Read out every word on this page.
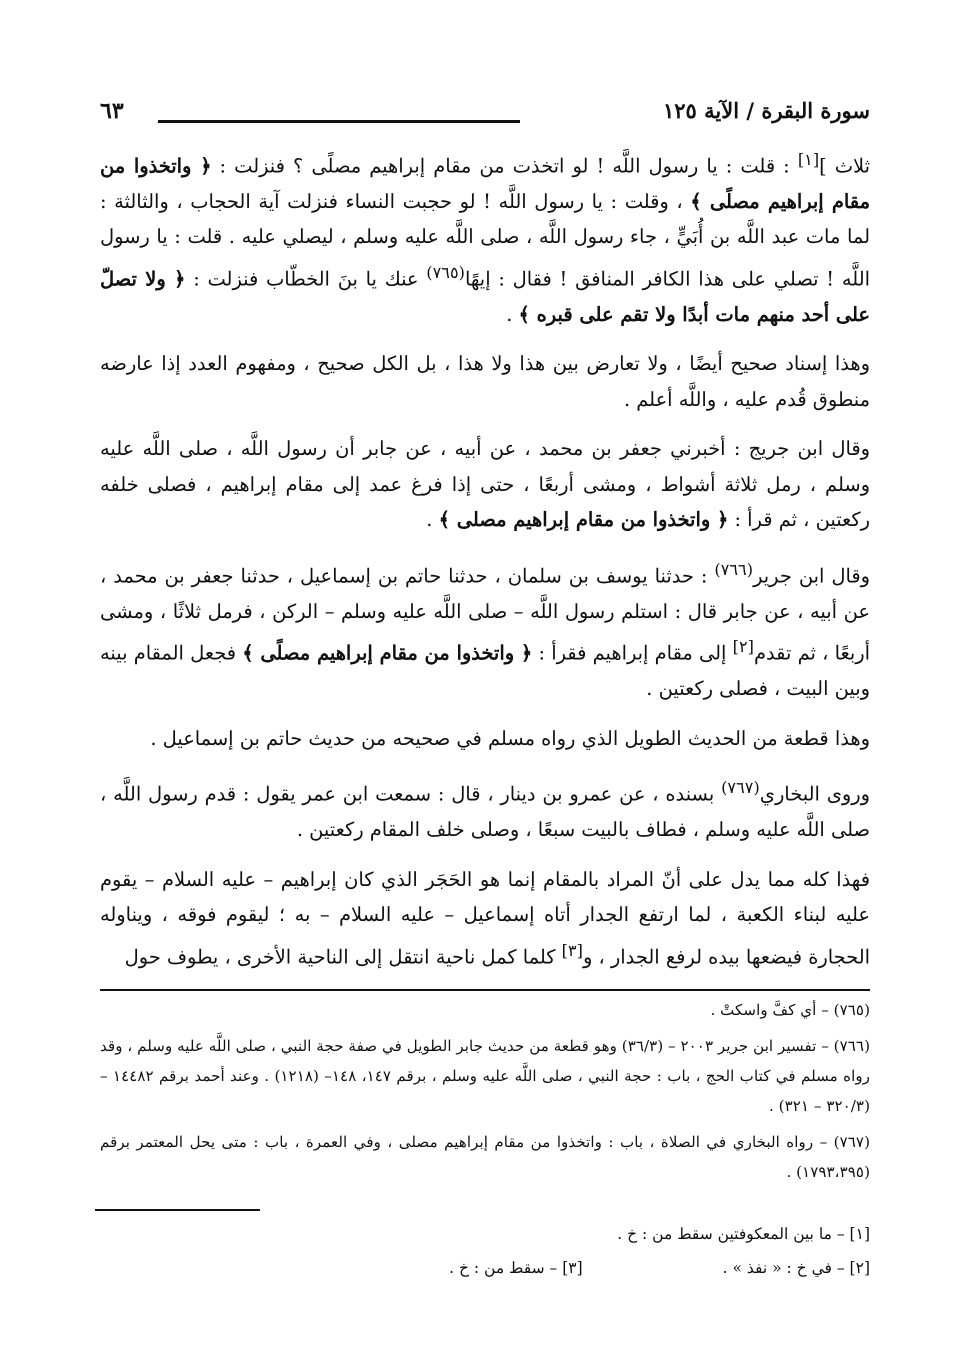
سورة البقرة / الآية ١٢٥
٦٣

ثلاث ][١] : قلت : يا رسول اللَّه ! لو اتخذت من مقام إبراهيم مصلًى ؟ فنزلت : ﴿ واتخذوا من مقام إبراهيم مصلًى ﴾ ، وقلت : يا رسول اللَّه ! لو حجبت النساء فنزلت آية الحجاب ، والثالثة : لما مات عبد اللَّه بن أُبَيٍّ ، جاء رسول اللَّه ، صلى اللَّه عليه وسلم ، ليصلي عليه . قلت : يا رسول اللَّه ! تصلي على هذا الكافر المنافق ! فقال : إيهًا$^{(٧٦٥)}$ عنك يا بنَ الخطّاب فنزلت : ﴿ ولا تصلّ على أحد منهم مات أبدًا ولا تقم على قبره ﴾ .

وهذا إسناد صحيح أيضًا ، ولا تعارض بين هذا ولا هذا ، بل الكل صحيح ، ومفهوم العدد إذا عارضه منطوق قُدم عليه ، واللَّه أعلم .

وقال ابن جريج : أخبرني جعفر بن محمد ، عن أبيه ، عن جابر أن رسول اللَّه ، صلى اللَّه عليه وسلم ، رمل ثلاثة أشواط ، ومشى أربعًا ، حتى إذا فرغ عمد إلى مقام إبراهيم ، فصلى خلفه ركعتين ، ثم قرأ : ﴿ واتخذوا من مقام إبراهيم مصلى ﴾ .

وقال ابن جرير$^{(٧٦٦)}$ : حدثنا يوسف بن سلمان ، حدثنا حاتم بن إسماعيل ، حدثنا جعفر بن محمد ، عن أبيه ، عن جابر قال : استلم رسول اللَّه – صلى اللَّه عليه وسلم – الركن ، فرمل ثلاثًا ، ومشى أربعًا ، ثم تقدم[٢] إلى مقام إبراهيم فقرأ : ﴿ واتخذوا من مقام إبراهيم مصلًى ﴾ فجعل المقام بينه وبين البيت ، فصلى ركعتين .

وهذا قطعة من الحديث الطويل الذي رواه مسلم في صحيحه من حديث حاتم بن إسماعيل .

وروى البخاري$^{(٧٦٧)}$ بسنده ، عن عمرو بن دينار ، قال : سمعت ابن عمر يقول : قدم رسول اللَّه ، صلى اللَّه عليه وسلم ، فطاف بالبيت سبعًا ، وصلى خلف المقام ركعتين .

فهذا كله مما يدل على أنّ المراد بالمقام إنما هو الحَجَر الذي كان إبراهيم – عليه السلام – يقوم عليه لبناء الكعبة ، لما ارتفع الجدار أتاه إسماعيل – عليه السلام – به ؛ ليقوم فوقه ، ويناوله الحجارة فيضعها بيده لرفع الجدار ، و[٣] كلما كمل ناحية انتقل إلى الناحية الأخرى ، يطوف حول

(٧٦٥) – أي كفَّ واسكتْ .

(٧٦٦) – تفسير ابن جرير ٢٠٠٣ – (٣٦/٣) وهو قطعة من حديث جابر الطويل في صفة حجة النبي ، صلى اللَّه عليه وسلم ، وقد رواه مسلم في كتاب الحج ، باب : حجة النبي ، صلى اللَّه عليه وسلم ، برقم ١٤٧، ١٤٨– (١٢١٨) . وعند أحمد برقم ١٤٤٨٢ – (٣٢٠/٣ – ٣٢١) .

(٧٦٧) – رواه البخاري في الصلاة ، باب : واتخذوا من مقام إبراهيم مصلى ، وفي العمرة ، باب : متى يحل المعتمر برقم (١٧٩٣،٣٩٥) .

[١] – ما بين المعكوفتين سقط من : خ .

[٢] – في خ : « نفذ » .
[٣] – سقط من : خ .
